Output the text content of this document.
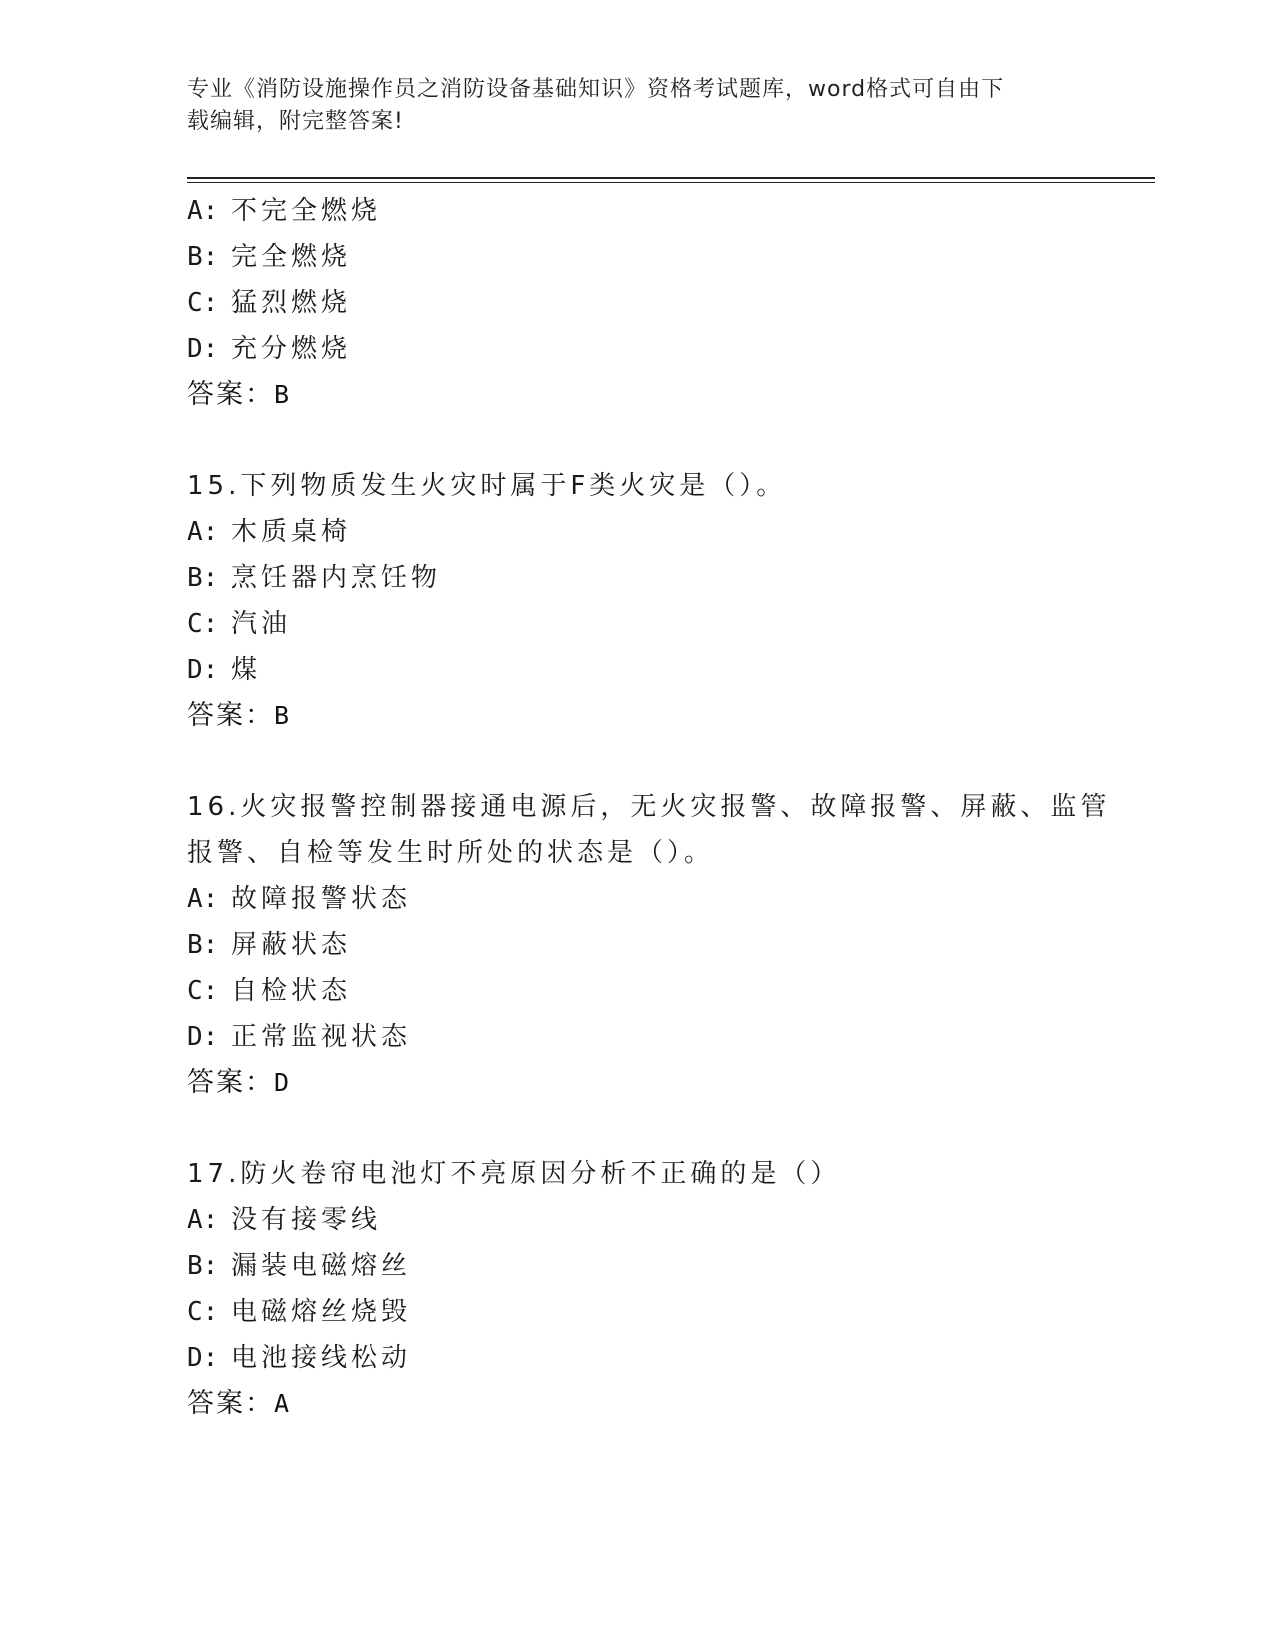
专业《消防设施操作员之消防设备基础知识》资格考试题库，word格式可自由下
载编辑，附完整答案!
A: 不完全燃烧
B: 完全燃烧
C: 猛烈燃烧
D: 充分燃烧
答案：B
15.下列物质发生火灾时属于F类火灾是（）。
A: 木质桌椅
B: 烹饪器内烹饪物
C: 汽油
D: 煤
答案：B
16.火灾报警控制器接通电源后，无火灾报警、故障报警、屏蔽、监管
报警、自检等发生时所处的状态是（）。
A: 故障报警状态
B: 屏蔽状态
C: 自检状态
D: 正常监视状态
答案：D
17.防火卷帘电池灯不亮原因分析不正确的是（）
A: 没有接零线
B: 漏装电磁熔丝
C: 电磁熔丝烧毁
D: 电池接线松动
答案：A
